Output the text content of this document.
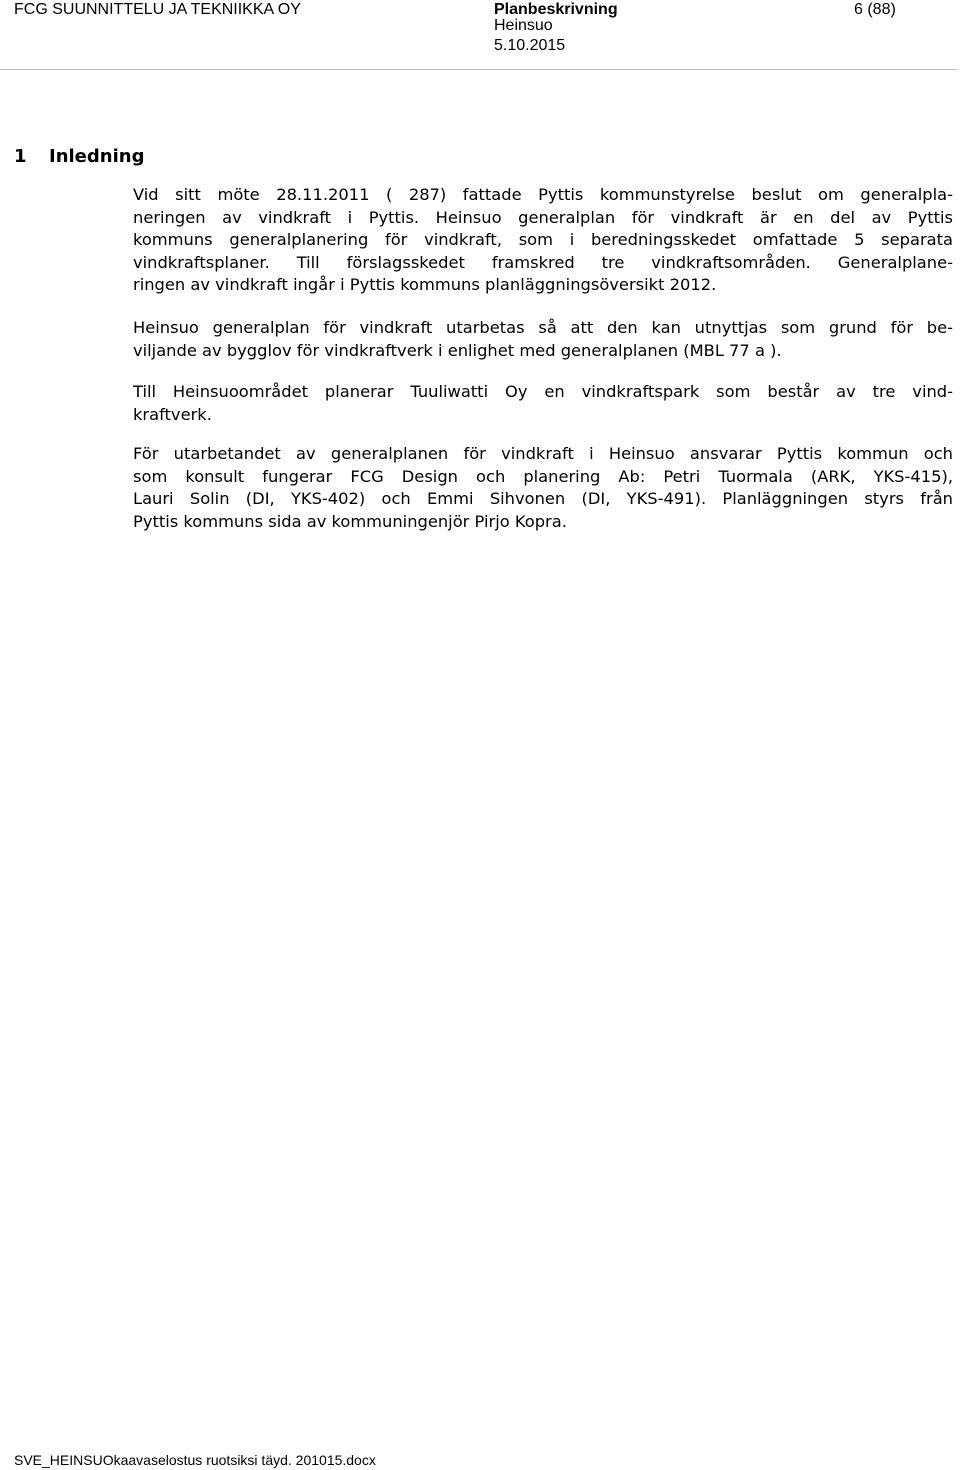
FCG SUUNNITTELU JA TEKNIIKKA OY	Planbeskrivning
Heinsuo
5.10.2015
6 (88)
1 Inledning
Vid sitt möte 28.11.2011 ( 287) fattade Pyttis kommunstyrelse beslut om generalpla-
neringen av vindkraft i Pyttis. Heinsuo generalplan för vindkraft är en del av Pyttis
kommuns generalplanering för vindkraft, som i beredningsskedet omfattade 5 separata
vindkraftsplaner. Till förslagsskedet framskred tre vindkraftsområden. Generalplane-
ringen av vindkraft ingår i Pyttis kommuns planläggningsöversikt 2012.
Heinsuo generalplan för vindkraft utarbetas så att den kan utnyttjas som grund för be-
viljande av bygglov för vindkraftverk i enlighet med generalplanen (MBL 77 a ).
Till Heinsuoområdet planerar Tuuliwatti Oy en vindkraftspark som består av tre vind-
kraftverk.
För utarbetandet av generalplanen för vindkraft i Heinsuo ansvarar Pyttis kommun och
som konsult fungerar FCG Design och planering Ab: Petri Tuormala (ARK, YKS-415),
Lauri Solin (DI, YKS-402) och Emmi Sihvonen (DI, YKS-491). Planläggningen styrs från
Pyttis kommuns sida av kommuningenjör Pirjo Kopra.
SVE_HEINSUOkaavaselostus ruotsiksi täyd. 201015.docx
